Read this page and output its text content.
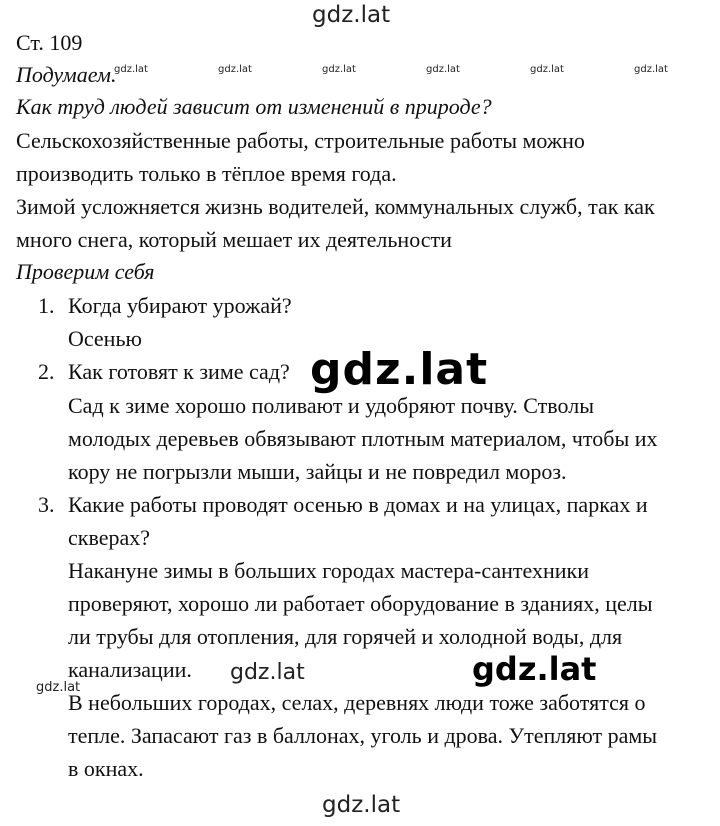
gdz.lat
gdz.lat	gdz.lat	gdz.lat	gdz.lat	gdz.lat	gdz.lat
Ст. 109
Подумаем.
Как труд людей зависит от изменений в природе?
Сельскохозяйственные работы, строительные работы можно
производить только в тёплое время года.
Зимой усложняется жизнь водителей, коммунальных служб, так как
много снега, который мешает их деятельности
Проверим себя
1. Когда убирают урожай?
Осенью
2. Как готовят к зиме сад?
Сад к зиме хорошо поливают и удобряют почву. Стволы
молодых деревьев обвязывают плотным материалом, чтобы их
кору не погрызли мыши, зайцы и не повредил мороз.
3. Какие работы проводят осенью в домах и на улицах, парках и
скверах?
Накануне зимы в больших городах мастера-сантехники
проверяют, хорошо ли работает оборудование в зданиях, целы
ли трубы для отопления, для горячей и холодной воды, для
канализации.
В небольших городах, селах, деревнях люди тоже заботятся о
тепле. Запасают газ в баллонах, уголь и дрова. Утепляют рамы
в окнах.
gdz.lat
gdz.lat	gdz.lat
gdz.lat
gdz.lat
